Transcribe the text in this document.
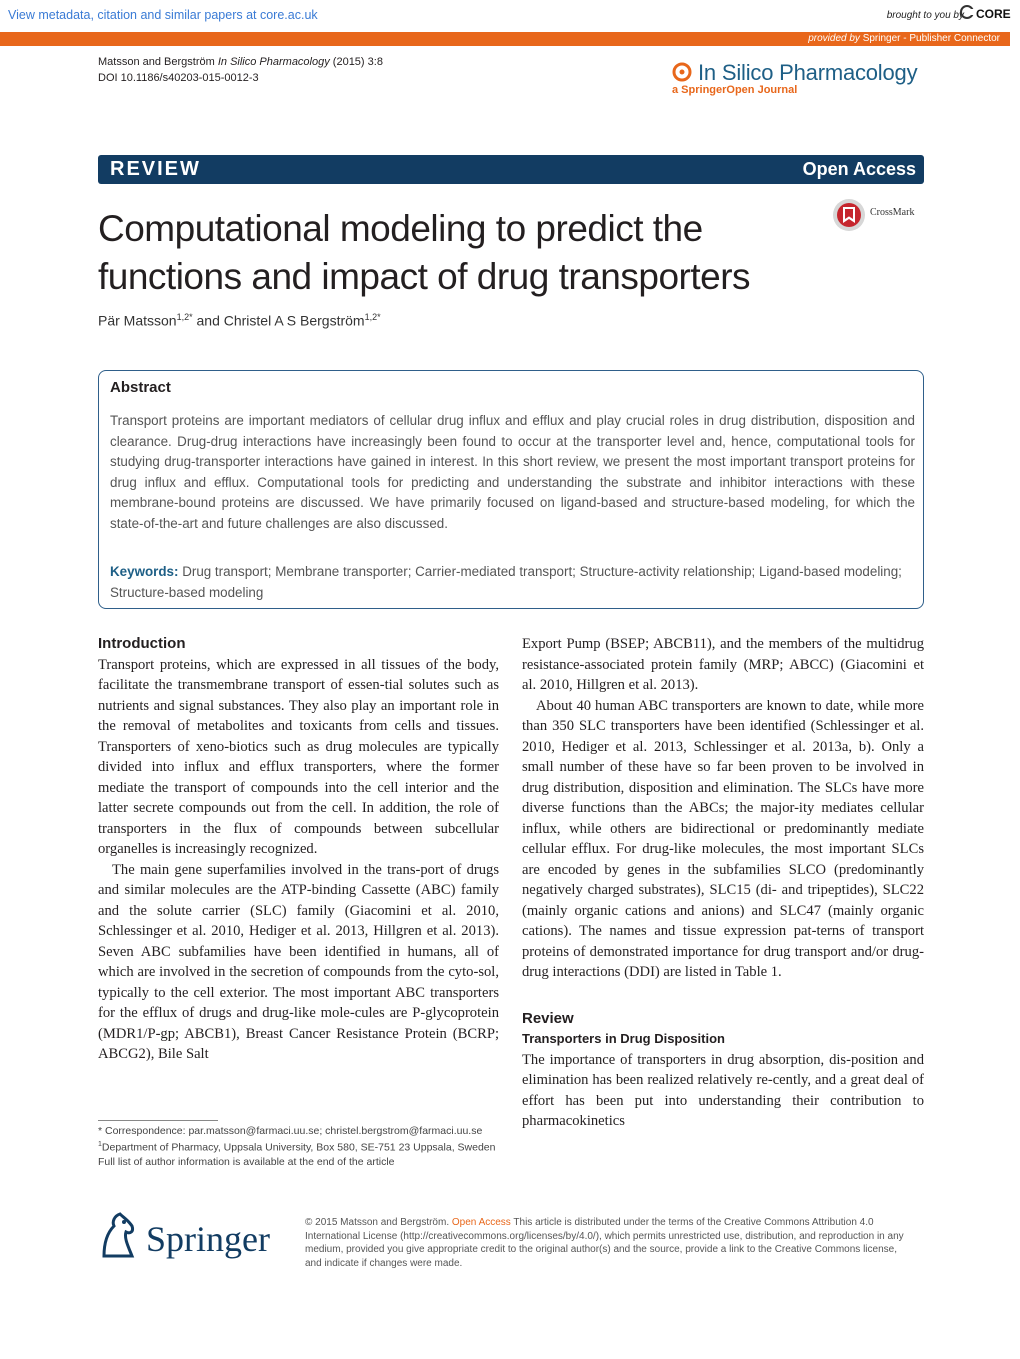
View metadata, citation and similar papers at core.ac.uk	brought to you by CORE
provided by Springer - Publisher Connector
Matsson and Bergström In Silico Pharmacology (2015) 3:8
DOI 10.1186/s40203-015-0012-3	In Silico Pharmacology
a SpringerOpen Journal
REVIEW	Open Access
Computational modeling to predict the functions and impact of drug transporters
CrossMark
Pär Matsson$^{1,2*}$ and Christel A S Bergström$^{1,2*}$
Abstract
Transport proteins are important mediators of cellular drug influx and efflux and play crucial roles in drug distribution, disposition and clearance. Drug-drug interactions have increasingly been found to occur at the transporter level and, hence, computational tools for studying drug-transporter interactions have gained in interest. In this short review, we present the most important transport proteins for drug influx and efflux. Computational tools for predicting and understanding the substrate and inhibitor interactions with these membrane-bound proteins are discussed. We have primarily focused on ligand-based and structure-based modeling, for which the state-of-the-art and future challenges are also discussed.
Keywords: Drug transport; Membrane transporter; Carrier-mediated transport; Structure-activity relationship; Ligand-based modeling; Structure-based modeling
Introduction

Transport proteins, which are expressed in all tissues of the body, facilitate the transmembrane transport of essen-tial solutes such as nutrients and signal substances. They also play an important role in the removal of metabolites and toxicants from cells and tissues. Transporters of xeno-biotics such as drug molecules are typically divided into influx and efflux transporters, where the former mediate the transport of compounds into the cell interior and the latter secrete compounds out from the cell. In addition, the role of transporters in the flux of compounds between subcellular organelles is increasingly recognized.

The main gene superfamilies involved in the trans-port of drugs and similar molecules are the ATP-binding Cassette (ABC) family and the solute carrier (SLC) family (Giacomini et al. 2010, Schlessinger et al. 2010, Hediger et al. 2013, Hillgren et al. 2013). Seven ABC subfamilies have been identified in humans, all of which are involved in the secretion of compounds from the cyto-sol, typically to the cell exterior. The most important ABC transporters for the efflux of drugs and drug-like mole-cules are P-glycoprotein (MDR1/P-gp; ABCB1), Breast Cancer Resistance Protein (BCRP; ABCG2), Bile Salt

* Correspondence: par.matsson@farmaci.uu.se; christel.bergstrom@farmaci.uu.se
$^1$Department of Pharmacy, Uppsala University, Box 580, SE-751 23 Uppsala, Sweden
Full list of author information is available at the end of the article

Export Pump (BSEP; ABCB11), and the members of the multidrug resistance-associated protein family (MRP; ABCC) (Giacomini et al. 2010, Hillgren et al. 2013).

About 40 human ABC transporters are known to date, while more than 350 SLC transporters have been identified (Schlessinger et al. 2010, Hediger et al. 2013, Schlessinger et al. 2013a, b). Only a small number of these have so far been proven to be involved in drug distribution, disposition and elimination. The SLCs have more diverse functions than the ABCs; the major-ity mediates cellular influx, while others are bidirectional or predominantly mediate cellular efflux. For drug-like molecules, the most important SLCs are encoded by genes in the subfamilies SLCO (predominantly negatively charged substrates), SLC15 (di- and tripeptides), SLC22 (mainly organic cations and anions) and SLC47 (mainly organic cations). The names and tissue expression pat-terns of transport proteins of demonstrated importance for drug transport and/or drug-drug interactions (DDI) are listed in Table 1.

Review
Transporters in Drug Disposition

The importance of transporters in drug absorption, dis-position and elimination has been realized relatively re-cently, and a great deal of effort has been put into understanding their contribution to pharmacokinetics

Springer	© 2015 Matsson and Bergström. Open Access This article is distributed under the terms of the Creative Commons Attribution 4.0 International License (http://creativecommons.org/licenses/by/4.0/), which permits unrestricted use, distribution, and reproduction in any medium, provided you give appropriate credit to the original author(s) and the source, provide a link to the Creative Commons license, and indicate if changes were made.
